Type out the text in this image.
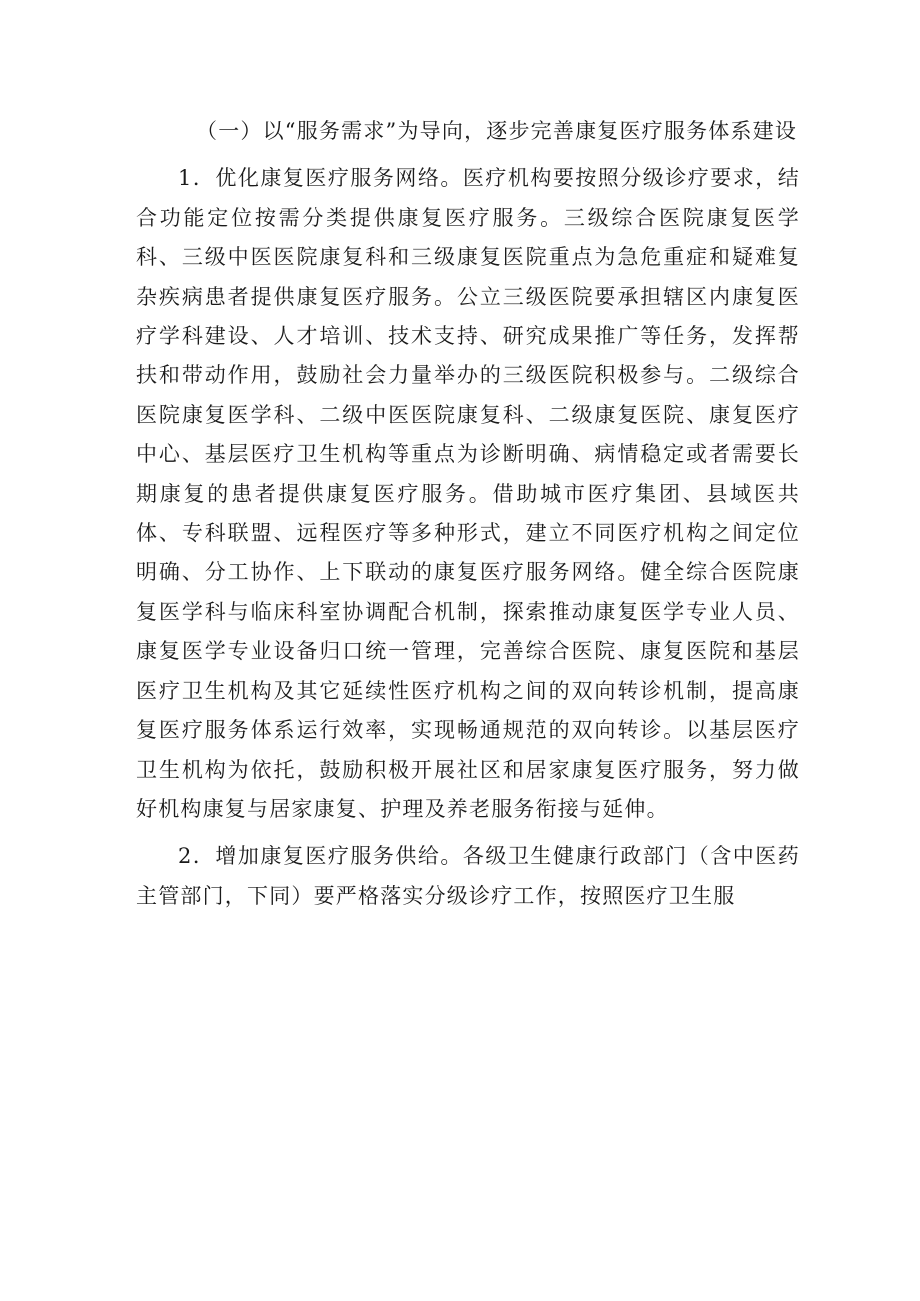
（一）以“服务需求”为导向，逐步完善康复医疗服务体系建设

1．优化康复医疗服务网络。医疗机构要按照分级诊疗要求，结合功能定位按需分类提供康复医疗服务。三级综合医院康复医学科、三级中医医院康复科和三级康复医院重点为急危重症和疑难复杂疾病患者提供康复医疗服务。公立三级医院要承担辖区内康复医疗学科建设、人才培训、技术支持、研究成果推广等任务，发挥帮扶和带动作用，鼓励社会力量举办的三级医院积极参与。二级综合医院康复医学科、二级中医医院康复科、二级康复医院、康复医疗中心、基层医疗卫生机构等重点为诊断明确、病情稳定或者需要长期康复的患者提供康复医疗服务。借助城市医疗集团、县域医共体、专科联盟、远程医疗等多种形式，建立不同医疗机构之间定位明确、分工协作、上下联动的康复医疗服务网络。健全综合医院康复医学科与临床科室协调配合机制，探索推动康复医学专业人员、康复医学专业设备归口统一管理，完善综合医院、康复医院和基层医疗卫生机构及其它延续性医疗机构之间的双向转诊机制，提高康复医疗服务体系运行效率，实现畅通规范的双向转诊。以基层医疗卫生机构为依托，鼓励积极开展社区和居家康复医疗服务，努力做好机构康复与居家康复、护理及养老服务衔接与延伸。

2．增加康复医疗服务供给。各级卫生健康行政部门（含中医药主管部门，下同）要严格落实分级诊疗工作，按照医疗卫生服
